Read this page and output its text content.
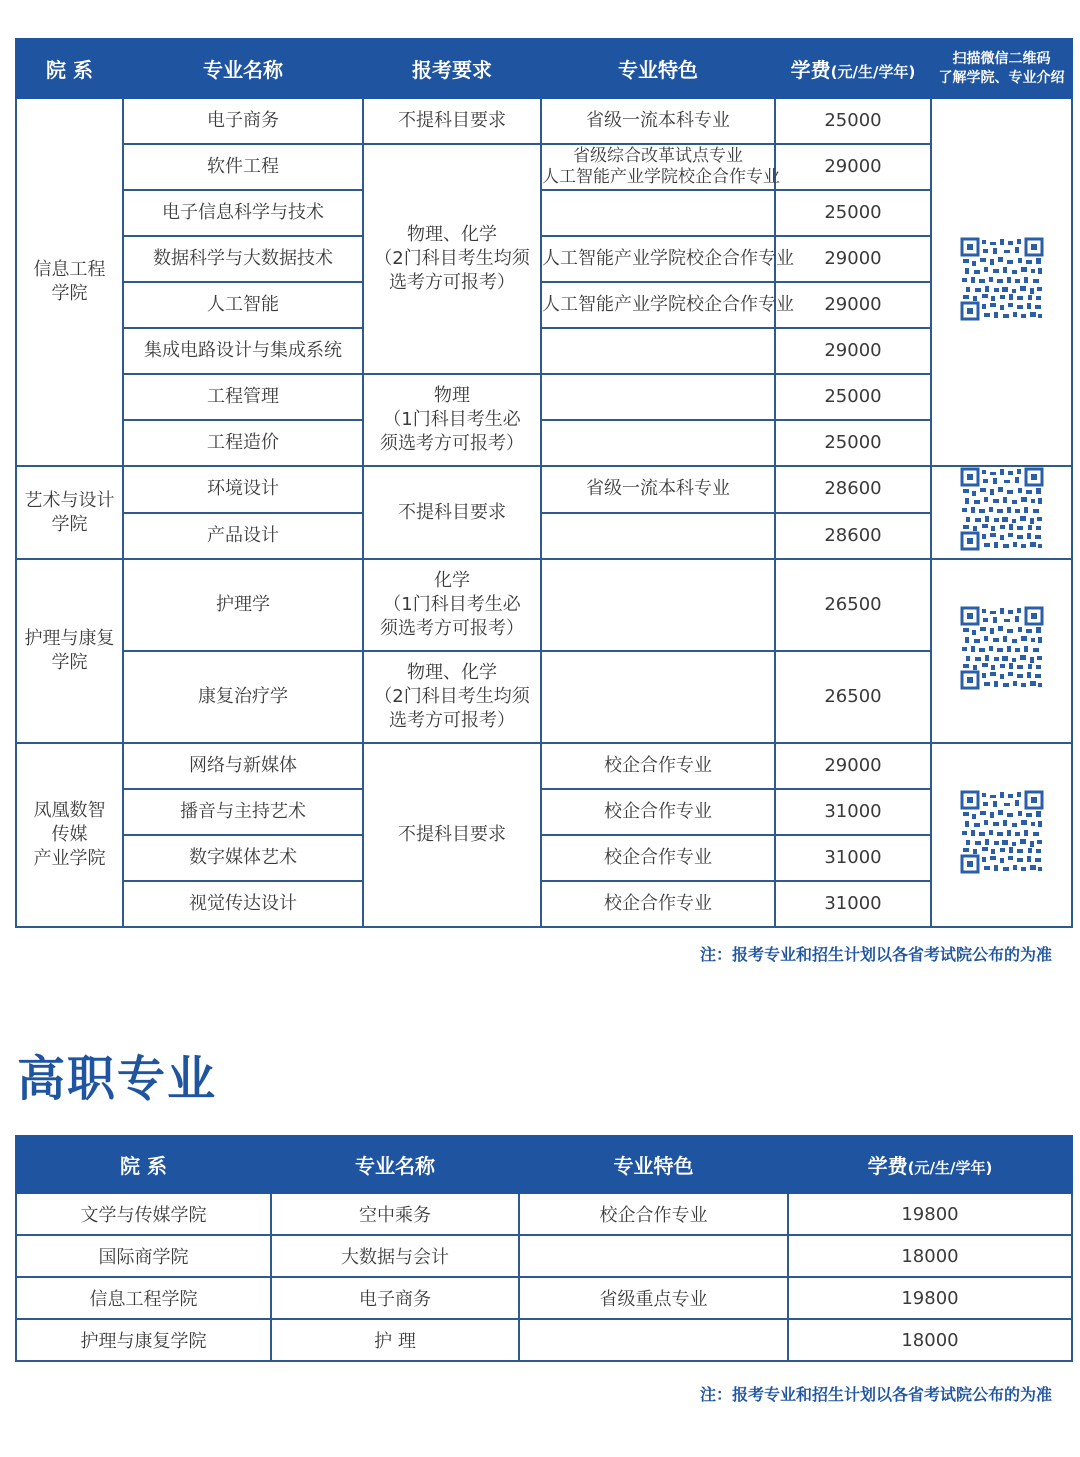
院 系	专业名称	报考要求	专业特色	学费(元/生/学年)	扫描微信二维码
了解学院、专业介绍

信息工程
学院	电子商务	不提科目要求	省级一流本科专业	25000	

	软件工程	物理、化学
（2门科目考生均须
选考方可报考）	省级综合改革试点专业
人工智能产业学院校企合作专业	29000	
	电子信息科学与技术			25000	
	数据科学与大数据技术		人工智能产业学院校企合作专业	29000	
	人工智能		人工智能产业学院校企合作专业	29000	
	集成电路设计与集成系统			29000	
	工程管理	物理
（1门科目考生必
须选考方可报考）		25000	
	工程造价			25000	

艺术与设计
学院	环境设计	不提科目要求	省级一流本科专业	28600	

	产品设计			28600	

护理与康复
学院	护理学	化学
（1门科目考生必
须选考方可报考）		26500	

	康复治疗学	物理、化学
（2门科目考生均须
选考方可报考）		26500	

凤凰数智
传媒
产业学院	网络与新媒体	不提科目要求	校企合作专业	29000	

	播音与主持艺术		校企合作专业	31000	
	数字媒体艺术		校企合作专业	31000	
	视觉传达设计		校企合作专业	31000	
注：报考专业和招生计划以各省考试院公布的为准
高职专业
院 系	专业名称	专业特色	学费(元/生/学年)
文学与传媒学院	空中乘务	校企合作专业	19800
国际商学院	大数据与会计		18000
信息工程学院	电子商务	省级重点专业	19800
护理与康复学院	护 理		18000
注：报考专业和招生计划以各省考试院公布的为准
